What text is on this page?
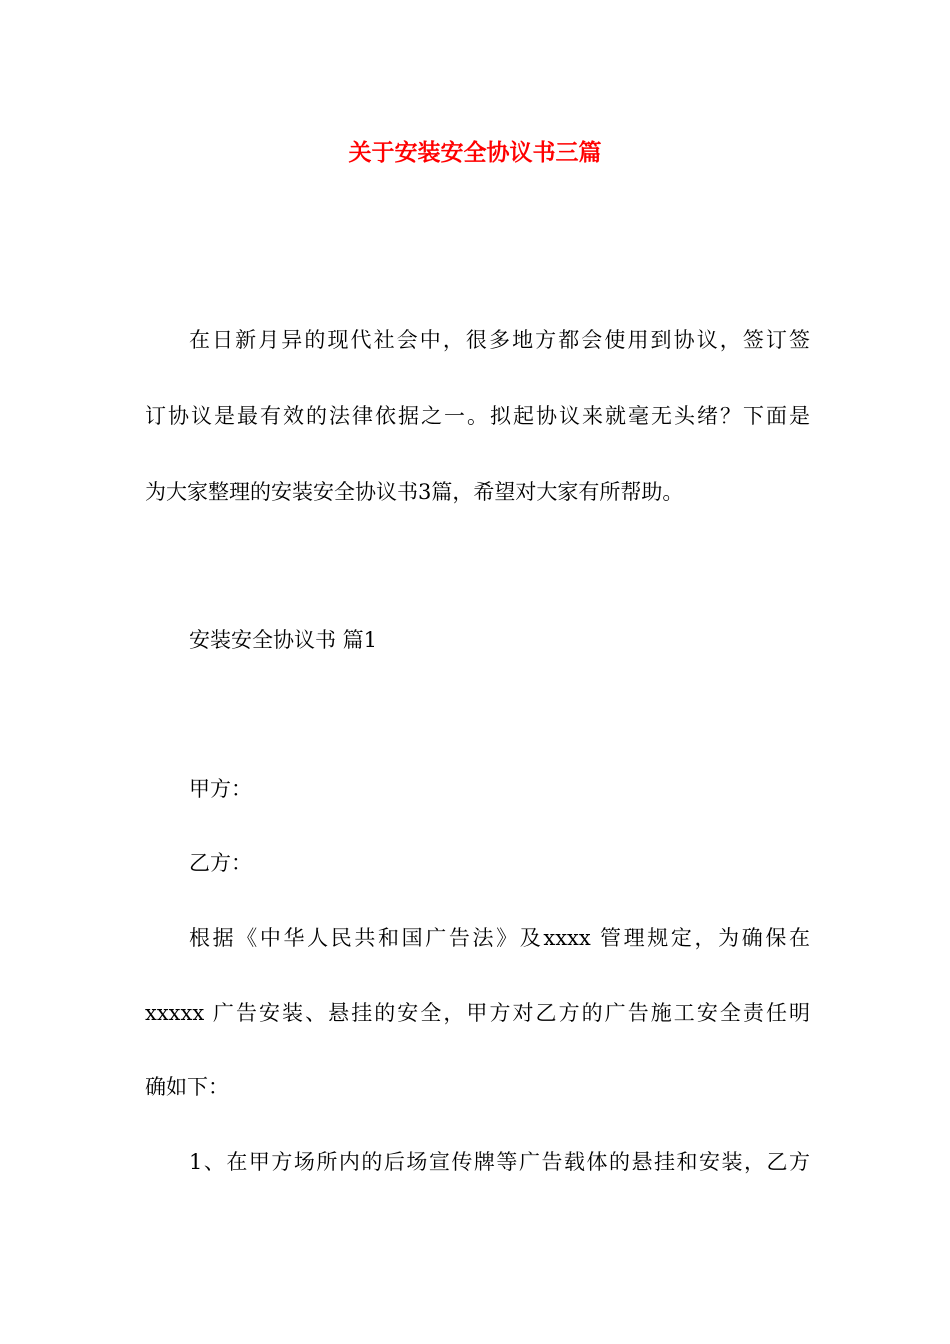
关于安装安全协议书三篇
在日新月异的现代社会中，很多地方都会使用到协议，签订签
订协议是最有效的法律依据之一。拟起协议来就毫无头绪？下面是
为大家整理的安装安全协议书3篇，希望对大家有所帮助。
安装安全协议书 篇1
甲方：
乙方：
根据《中华人民共和国广告法》及xxxx 管理规定，为确保在
xxxxx 广告安装、悬挂的安全，甲方对乙方的广告施工安全责任明
确如下：
1、在甲方场所内的后场宣传牌等广告载体的悬挂和安装，乙方
